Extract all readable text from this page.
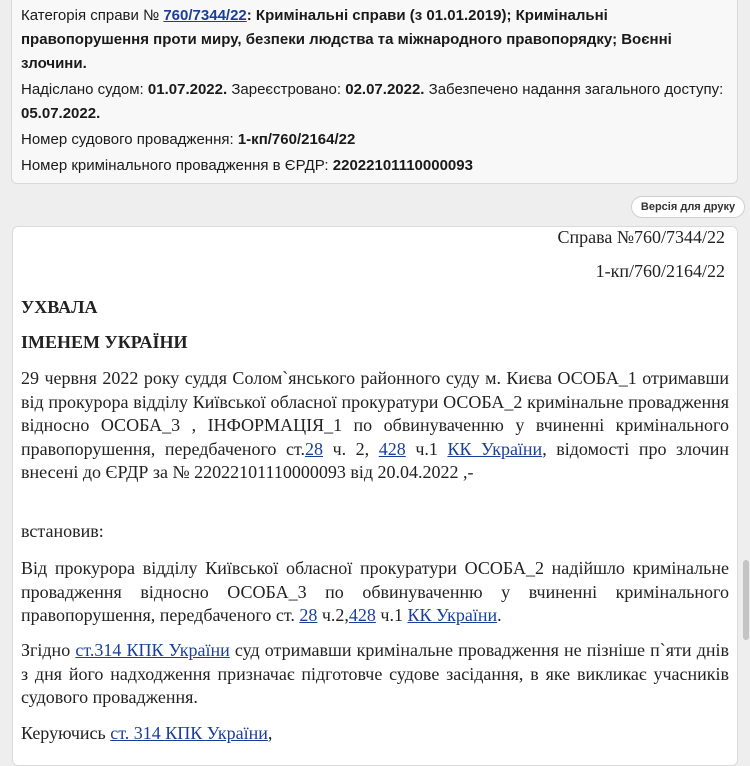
Категорія справи № 760/7344/22: Кримінальні справи (з 01.01.2019); Кримінальні правопорушення проти миру, безпеки людства та міжнародного правопорядку; Воєнні злочини.

Надіслано судом: 01.07.2022. Зареєстровано: 02.07.2022. Забезпечено надання загального доступу: 05.07.2022.

Номер судового провадження: 1-кп/760/2164/22

Номер кримінального провадження в ЄРДР: 22022101110000093

Версія для друку

Справа №760/7344/22

1-кп/760/2164/22

УХВАЛА

ІМЕНЕМ УКРАЇНИ

29 червня 2022 року суддя Солом`янського районного суду м. Києва ОСОБА_1 отримавши від прокурора відділу Київської обласної прокуратури ОСОБА_2 кримінальне провадження відносно ОСОБА_3 , ІНФОРМАЦІЯ_1 по обвинуваченню у вчиненні кримінального правопорушення, передбаченого ст.28 ч. 2, 428 ч.1 КК України, відомості про злочин внесені до ЄРДР за № 22022101110000093 від 20.04.2022 ,-

встановив:

Від прокурора відділу Київської обласної прокуратури ОСОБА_2 надійшло кримінальне провадження відносно ОСОБА_3 по обвинуваченню у вчиненні кримінального правопорушення, передбаченого ст. 28 ч.2,428 ч.1 КК України.

Згідно ст.314 КПК України суд отримавши кримінальне провадження не пізніше п`яти днів з дня його надходження призначає підготовче судове засідання, в яке викликає учасників судового провадження.

Керуючись ст. 314 КПК України,
